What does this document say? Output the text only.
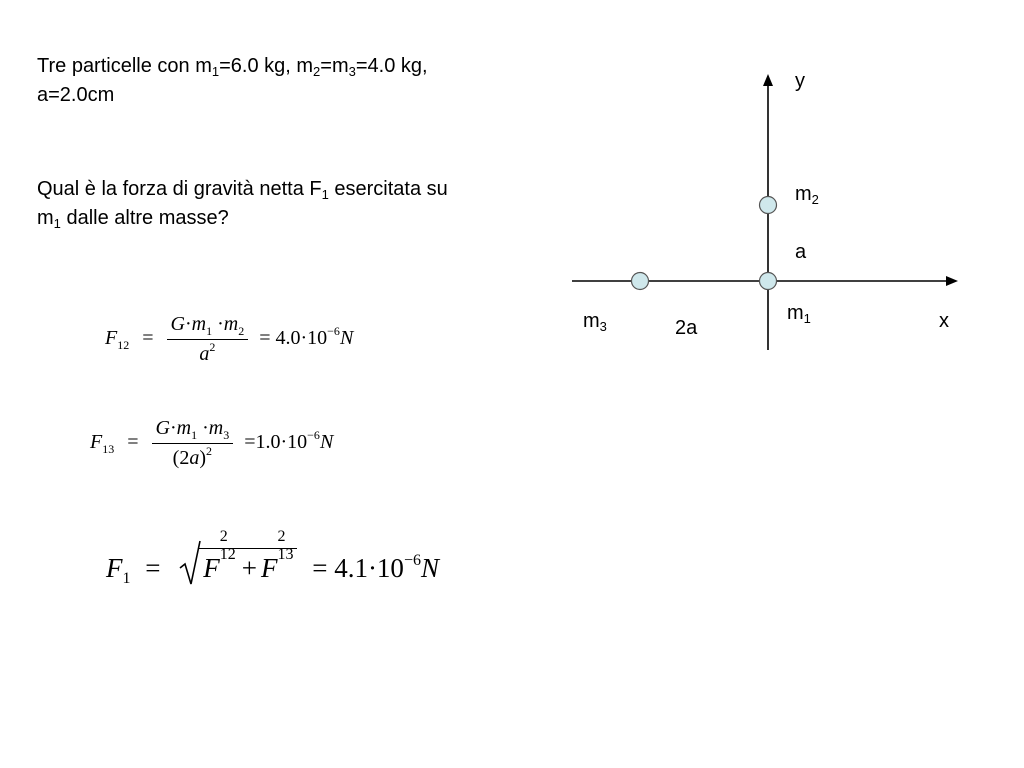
Tre particelle con $m_1=6.0$ kg, $m_2=m_3=4.0$ kg,
a=2.0cm
Qual è la forza di gravità netta $F_1$ esercitata su
$m_1$ dalle altre masse?
$F_{12} = \frac{G\cdot m_1 \cdot m_2}{a^2} = 4.0\cdot 10^{-6}N$
$F_{13} = \frac{G\cdot m_1 \cdot m_3}{(2a)^2} =1.0\cdot 10^{-6}N$
$F_1 = F$
2
12 + F
2
$13 = 4.1\cdot 10^{-6}N$
y
x
$m_2$
a
$m_1$
$m_3$	2a
